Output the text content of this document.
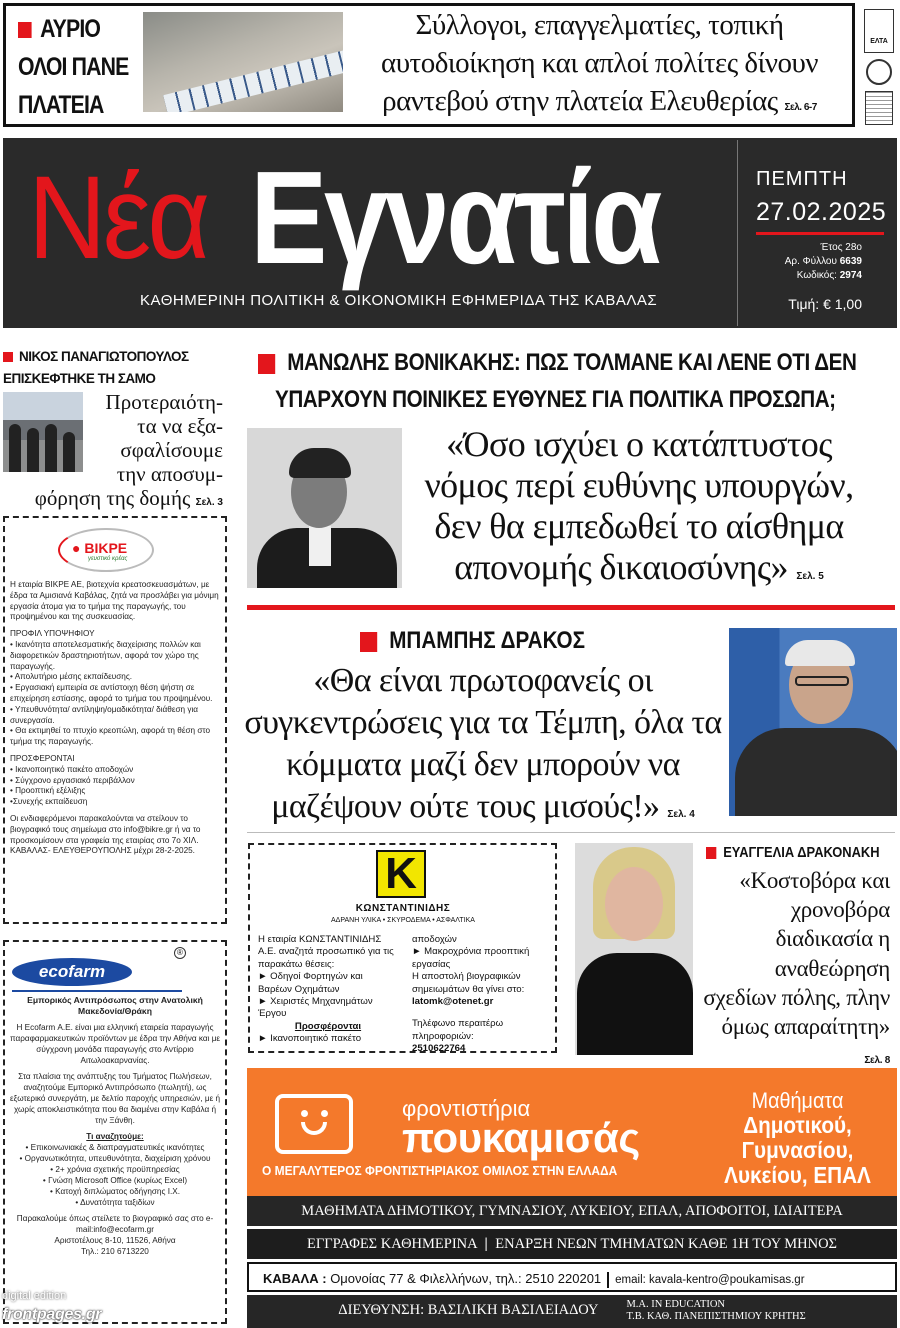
ΑΥΡΙΟ
ΟΛΟΙ ΠΑΝΕ
ΠΛΑΤΕΙΑ
Σύλλογοι, επαγγελματίες, τοπική αυτοδιοίκηση και απλοί πολίτες δίνουν ραντεβού στην πλατεία Ελευθερίας Σελ. 6-7
ΕΛΤΑ
Νέα Εγνατία
ΚΑΘΗΜΕΡΙΝΗ ΠΟΛΙΤΙΚΗ & ΟΙΚΟΝΟΜΙΚΗ ΕΦΗΜΕΡΙΔΑ ΤΗΣ ΚΑΒΑΛΑΣ
ΠΕΜΠΤΗ
27.02.2025
Έτος 28ο
Αρ. Φύλλου 6639
Κωδικός: 2974
Τιμή: € 1,00
ΝΙΚΟΣ ΠΑΝΑΓΙΩΤΟΠΟΥΛΟΣ
ΕΠΙΣΚΕΦΤΗΚΕ ΤΗ ΣΑΜΟ
Προτεραιότη-
τα να εξα-
σφαλίσουμε
την αποσυμ-
φόρηση της δομής Σελ. 3
● ΒΙΚΡΕ
γευστικό κρέας

Η εταιρία ΒΙΚΡΕ ΑΕ, βιοτεχνία κρεατοσκευασμάτων, με έδρα τα Αμισιανά Καβάλας, ζητά να προσλάβει για μόνιμη εργασία άτομα για το τμήμα της παραγωγής, του προψημένου και της συσκευασίας.

ΠΡΟΦΙΛ ΥΠΟΨΗΦΙΟΥ
• Ικανότητα αποτελεσματικής διαχείρισης πολλών και διαφορετικών δραστηριοτήτων, αφορά τον χώρο της παραγωγής.
• Απολυτήριο μέσης εκπαίδευσης.
• Εργασιακή εμπειρία σε αντίστοιχη θέση ψήστη σε επιχείρηση εστίασης, αφορά το τμήμα του προψημένου.
• Υπευθυνότητα/ αντίληψη/ομαδικότητα/ διάθεση για συνεργασία.

• Θα εκτιμηθεί το πτυχίο κρεοπώλη, αφορά τη θέση στο τμήμα της παραγωγής.

ΠΡΟΣΦΕΡΟΝΤΑΙ
• Ικανοποιητικό πακέτο αποδοχών
• Σύγχρονο εργασιακό περιβάλλον
• Προοπτική εξέλιξης

•Συνεχής εκπαίδευση

Οι ενδιαφερόμενοι παρακαλούνται να στείλουν το βιογραφικό τους σημείωμα στο info@bikre.gr ή να το προσκομίσουν στα γραφεία της εταιρίας στο 7ο ΧΙΛ. ΚΑΒΑΛΑΣ- ΕΛΕΥΘΕΡΟΥΠΟΛΗΣ μέχρι 28-2-2025.

ecofarm
®

Εμπορικός Αντιπρόσωπος στην Ανατολική Μακεδονία/Θράκη

Η Ecofarm Α.Ε. είναι μια ελληνική εταιρεία παραγωγής παραφαρμακευτικών προϊόντων με έδρα την Αθήνα και με σύγχρονη μονάδα παραγωγής στο Αντίρριο Αιτωλοακαρνανίας.

Στα πλαίσια της ανάπτυξης του Τμήματος Πωλήσεων, αναζητούμε Εμπορικό Αντιπρόσωπο (πωλητή), ως εξωτερικό συνεργάτη, με δελτίο παροχής υπηρεσιών, με ή χωρίς αποκλειστικότητα που θα διαμένει στην Καβάλα ή την Ξάνθη.

Τι αναζητούμε:
• Επικοινωνιακές & διαπραγματευτικές ικανότητες
• Οργανωτικότητα, υπευθυνότητα, διαχείριση χρόνου
• 2+ χρόνια σχετικής προϋπηρεσίας
• Γνώση Microsoft Office (κυρίως Excel)
• Κατοχή διπλώματος οδήγησης Ι.Χ.

• Δυνατότητα ταξιδίων

Παρακαλούμε όπως στείλετε το βιογραφικό σας στο e-mail:info@ecofarm.gr
Αριστοτέλους 8-10, 11526, Αθήνα
Τηλ.: 210 6713220
ΜΑΝΩΛΗΣ ΒΟΝΙΚΑΚΗΣ: ΠΩΣ ΤΟΛΜΑΝΕ ΚΑΙ ΛΕΝΕ ΟΤΙ ΔΕΝ
ΥΠΑΡΧΟΥΝ ΠΟΙΝΙΚΕΣ ΕΥΘΥΝΕΣ ΓΙΑ ΠΟΛΙΤΙΚΑ ΠΡΟΣΩΠΑ;
«Όσο ισχύει ο κατάπτυστος νόμος περί ευθύνης υπουργών, δεν θα εμπεδωθεί το αίσθημα απονομής δικαιοσύνης» Σελ. 5
ΜΠΑΜΠΗΣ ΔΡΑΚΟΣ
«Θα είναι πρωτοφανείς οι συγκεντρώσεις για τα Τέμπη, όλα τα κόμματα μαζί δεν μπορούν να μαζέψουν ούτε τους μισούς!» Σελ. 4
Κ
ΚΩΝΣΤΑΝΤΙΝΙΔΗΣ
ΑΔΡΑΝΗ ΥΛΙΚΑ • ΣΚΥΡΟΔΕΜΑ • ΑΣΦΑΛΤΙΚΑ
Η εταιρία ΚΩΝΣΤΑΝΤΙΝΙΔΗΣ Α.Ε. αναζητά προσωπικό για τις παρακάτω θέσεις:
► Οδηγοί Φορτηγών και Βαρέων Οχημάτων
► Χειριστές Μηχανημάτων Έργου
Προσφέρονται
► Ικανοποιητικό πακέτο
αποδοχών
► Μακροχρόνια προοπτική εργασίας
Η αποστολή βιογραφικών σημειωμάτων θα γίνει στο:
latomk@otenet.gr
Τηλέφωνο περαιτέρω πληροφοριών:
2510622764
ΕΥΑΓΓΕΛΙΑ ΔΡΑΚΟΝΑΚΗ
«Κοστοβόρα και χρονοβόρα διαδικασία η αναθεώρηση σχεδίων πόλης, πλην όμως απαραίτητη» Σελ. 8
φροντιστήρια
πουκαμισάς
Ο ΜΕΓΑΛΥΤΕΡΟΣ ΦΡΟΝΤΙΣΤΗΡΙΑΚΟΣ ΟΜΙΛΟΣ ΣΤΗΝ ΕΛΛΑΔΑ
Μαθήματα
Δημοτικού,
Γυμνασίου,
Λυκείου, ΕΠΑΛ
ΜΑΘΗΜΑΤΑ ΔΗΜΟΤΙΚΟΥ, ΓΥΜΝΑΣΙΟΥ, ΛΥΚΕΙΟΥ, ΕΠΑΛ, ΑΠΟΦΟΙΤΟΙ, ΙΔΙΑΙΤΕΡΑ
ΕΓΓΡΑΦΕΣ ΚΑΘΗΜΕΡΙΝΑ | ΕΝΑΡΞΗ ΝΕΩΝ ΤΜΗΜΑΤΩΝ ΚΑΘΕ 1Η ΤΟΥ ΜΗΝΟΣ
ΚΑΒΑΛΑ : Ομονοίας 77 & Φιλελλήνων, τηλ.: 2510 220201 email: kavala-kentro@poukamisas.gr
ΔΙΕΥΘΥΝΣΗ: ΒΑΣΙΛΙΚΗ ΒΑΣΙΛΕΙΑΔΟΥ	M.A. IN EDUCATION
Τ.Β. ΚΑΘ. ΠΑΝΕΠΙΣΤΗΜΙΟΥ ΚΡΗΤΗΣ
digital edition
frontpages.gr
